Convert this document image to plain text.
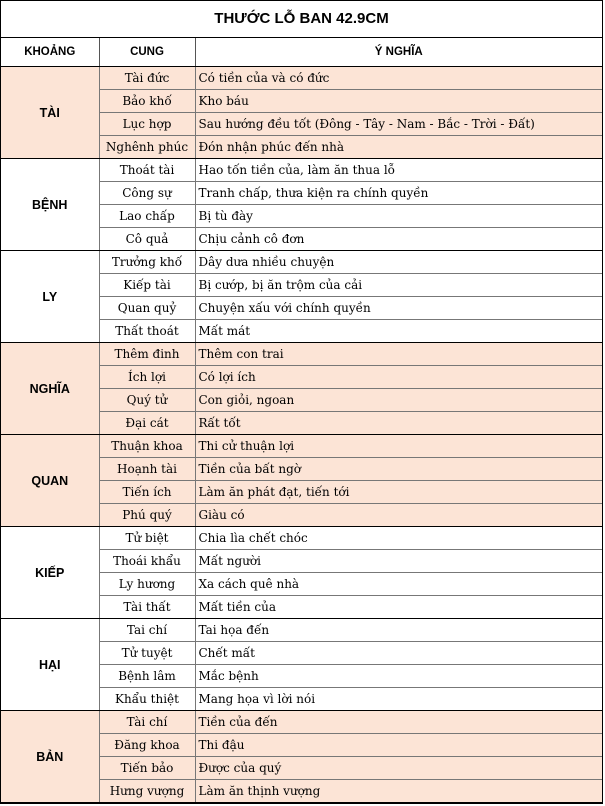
THƯỚC LỖ BAN 42.9CM
KHOẢNG	CUNG	Ý NGHĨA
TÀI	Tài đức	Có tiền của và có đức
	Bảo khố	Kho báu
	Lục hợp	Sau hướng đều tốt (Đông - Tây - Nam - Bắc - Trời - Đất)
	Nghênh phúc	Đón nhận phúc đến nhà
BỆNH	Thoát tài	Hao tốn tiền của, làm ăn thua lỗ
	Công sự	Tranh chấp, thưa kiện ra chính quyền
	Lao chấp	Bị tù đày
	Cô quả	Chịu cảnh cô đơn
LY	Trưởng khố	Dây dưa nhiều chuyện
	Kiếp tài	Bị cướp, bị ăn trộm của cải
	Quan quỷ	Chuyện xấu với chính quyền
	Thất thoát	Mất mát
NGHĨA	Thêm đinh	Thêm con trai
	Ích lợi	Có lợi ích
	Quý tử	Con giỏi, ngoan
	Đại cát	Rất tốt
QUAN	Thuận khoa	Thi cử thuận lợi
	Hoạnh tài	Tiền của bất ngờ
	Tiến ích	Làm ăn phát đạt, tiến tới
	Phú quý	Giàu có
KIẾP	Tử biệt	Chia lìa chết chóc
	Thoái khẩu	Mất người
	Ly hương	Xa cách quê nhà
	Tài thất	Mất tiền của
HẠI	Tai chí	Tai họa đến
	Tử tuyệt	Chết mất
	Bệnh lâm	Mắc bệnh
	Khẩu thiệt	Mang họa vì lời nói
BẢN	Tài chí	Tiền của đến
	Đăng khoa	Thi đậu
	Tiến bảo	Được của quý
	Hưng vượng	Làm ăn thịnh vượng
